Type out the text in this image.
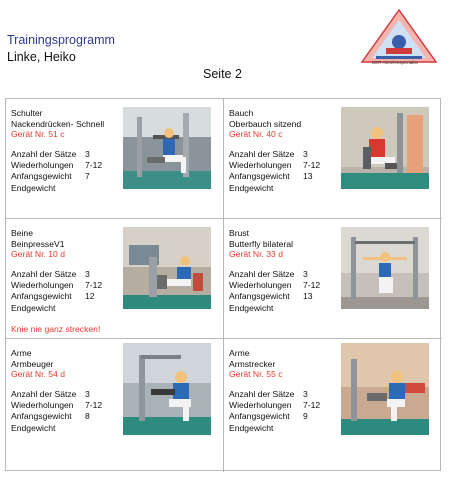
Trainingsprogramm
Linke, Heiko
Seite 2
DER Abnehmspezialist
Schulter
Nackendrücken- Schnell
Gerät Nr. 51 c
Anzahl der Sätze 3
Wiederholungen	7-12
Anfangsgewicht	7
Endgewicht
Bauch
Oberbauch sitzend
Gerät Nr. 40 c
Anzahl der Sätze 3
Wiederholungen	7-12
Anfangsgewicht	13
Endgewicht
Beine
BeinpresseV1
Gerät Nr. 10 d
Anzahl der Sätze 3
Wiederholungen	7-12
Anfangsgewicht	12
Endgewicht
Knie nie ganz strecken!
Brust
Butterfly bilateral
Gerät Nr. 33 d
Anzahl der Sätze 3
Wiederholungen	7-12
Anfangsgewicht	13
Endgewicht
Arme
Armbeuger
Gerät Nr. 54 d
Anzahl der Sätze 3
Wiederholungen	7-12
Anfangsgewicht	8
Endgewicht
Arme
Armstrecker
Gerät Nr. 55 c
Anzahl der Sätze 3
Wiederholungen	7-12
Anfangsgewicht	9
Endgewicht
